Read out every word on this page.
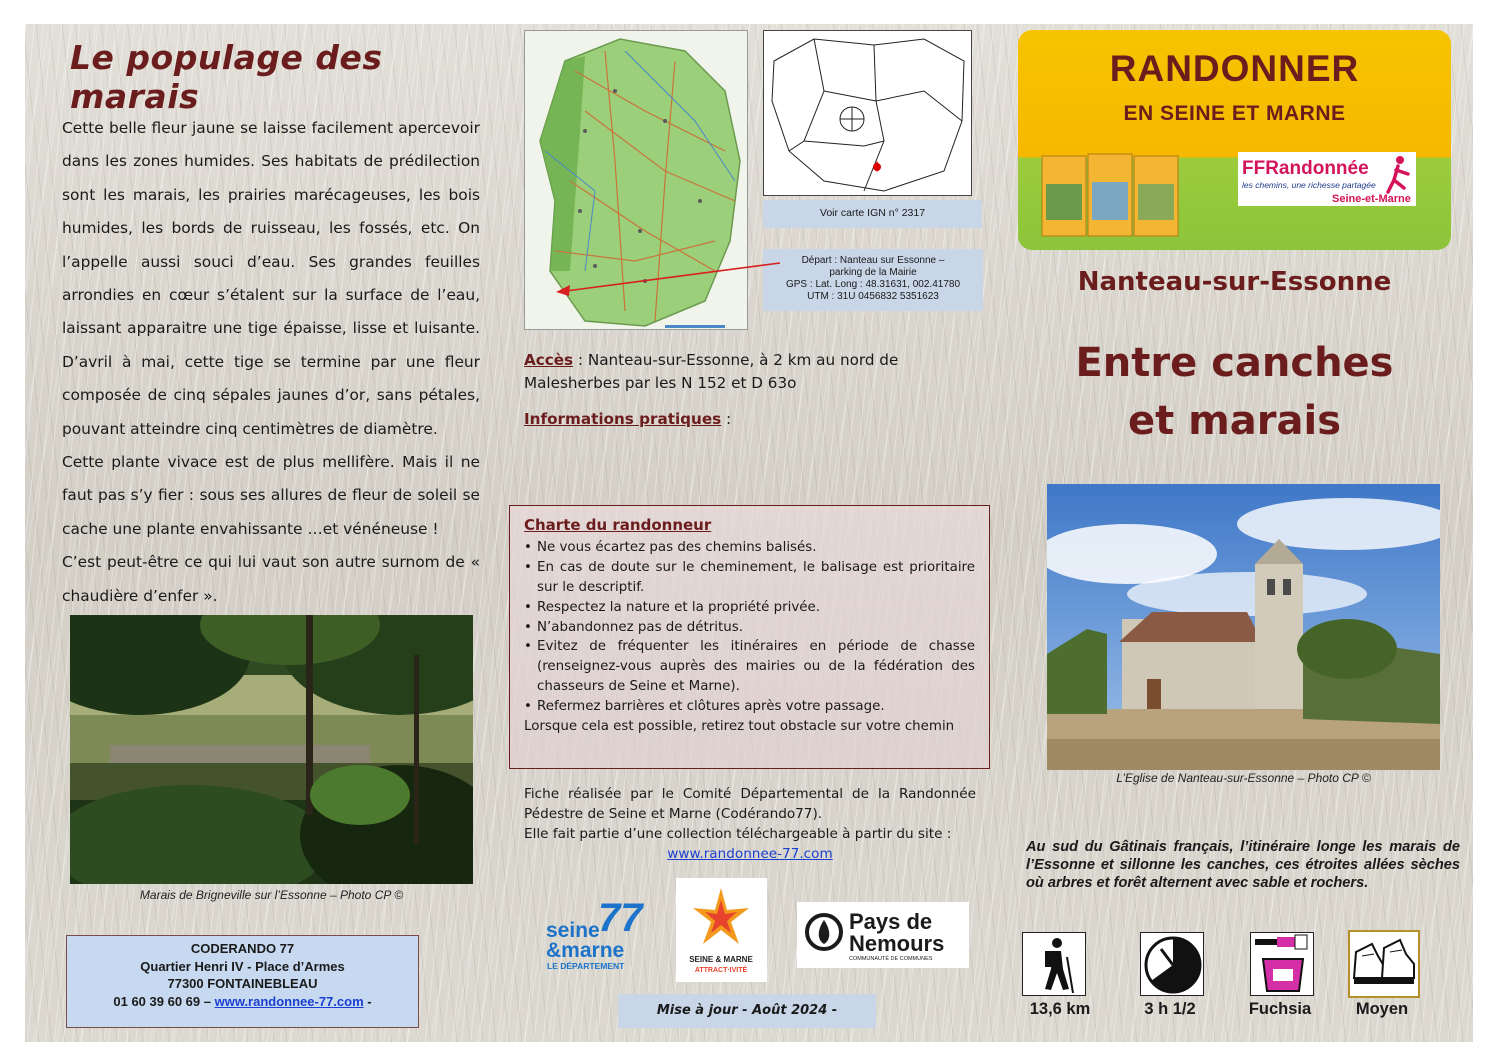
Le populage des marais

Cette belle fleur jaune se laisse facilement apercevoir dans les zones humides. Ses habitats de prédilection sont les marais, les prairies marécageuses, les bois humides, les bords de ruisseau, les fossés, etc. On l’appelle aussi souci d’eau. Ses grandes feuilles arrondies en cœur s’étalent sur la surface de l’eau, laissant apparaitre une tige épaisse, lisse et luisante. D’avril à mai, cette tige se termine par une fleur composée de cinq sépales jaunes d’or, sans pétales, pouvant atteindre cinq centimètres de diamètre.

Cette plante vivace est de plus mellifère. Mais il ne faut pas s’y fier : sous ses allures de fleur de soleil se cache une plante envahissante …et vénéneuse !

C’est peut-être ce qui lui vaut son autre surnom de « chaudière d’enfer ».

Marais de Brigneville sur l’Essonne – Photo CP ©
CODERANDO 77
Quartier Henri IV - Place d’Armes
77300 FONTAINEBLEAU
01 60 39 60 69 – www.randonnee-77.com -
Voir carte IGN n° 2317
Départ : Nanteau sur Essonne –
parking de la Mairie
GPS : Lat. Long : 48.31631, 002.41780
UTM : 31U 0456832 5351623
Accès : Nanteau-sur-Essonne, à 2 km au nord de Malesherbes par les N 152 et D 63o
Informations pratiques :
Charte du randonneur
• Ne vous écartez pas des chemins balisés.
• En cas de doute sur le cheminement, le balisage est prioritaire sur le descriptif.
• Respectez la nature et la propriété privée.
• N’abandonnez pas de détritus.
• Evitez de fréquenter les itinéraires en période de chasse (renseignez-vous auprès des mairies ou de la fédération des chasseurs de Seine et Marne).
• Refermez barrières et clôtures après votre passage.
Lorsque cela est possible, retirez tout obstacle sur votre chemin
Fiche réalisée par le Comité Départemental de la Randonnée Pédestre de Seine et Marne (Codérando77).
Elle fait partie d’une collection téléchargeable à partir du site :
www.randonnee-77.com
77
seine
&marne
LE DÉPARTEMENT
SEINE & MARNE
ATTRACT·IVITÉ
Pays de
Nemours
COMMUNAUTÉ DE COMMUNES
Mise à jour - Août 2024 -
RANDONNER
EN SEINE ET MARNE
FFRandonnée
les chemins, une richesse partagée
Seine-et-Marne
Nanteau-sur-Essonne
Entre canches
et marais
L’Eglise de Nanteau-sur-Essonne – Photo CP ©
Au sud du Gâtinais français, l’itinéraire longe les marais de l’Essonne et sillonne les canches, ces étroites allées sèches où arbres et forêt alternent avec sable et rochers.
13,6 km	3 h 1/2	Fuchsia	Moyen
